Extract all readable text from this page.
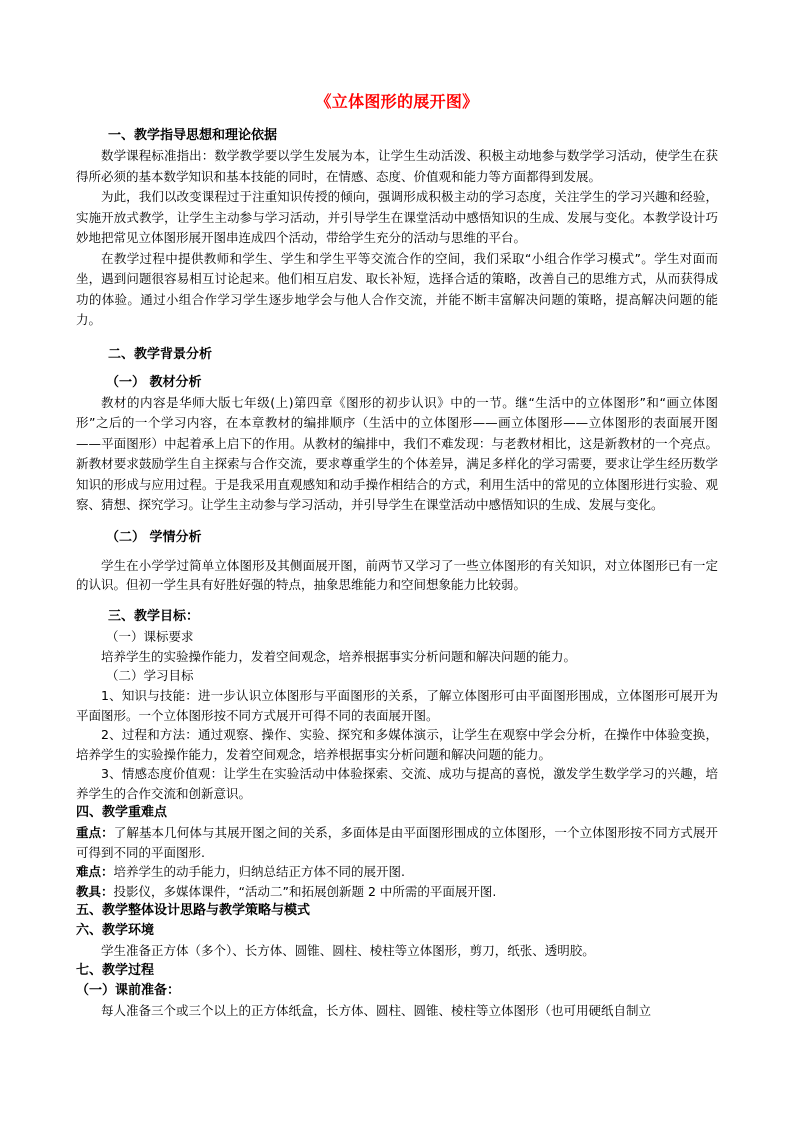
《立体图形的展开图》
一、教学指导思想和理论依据

数学课程标准指出：数学教学要以学生发展为本，让学生生动活泼、积极主动地参与数学学习活动，使学生在获得所必须的基本数学知识和基本技能的同时，在情感、态度、价值观和能力等方面都得到发展。

为此，我们以改变课程过于注重知识传授的倾向，强调形成积极主动的学习态度，关注学生的学习兴趣和经验，实施开放式教学，让学生主动参与学习活动，并引导学生在课堂活动中感悟知识的生成、发展与变化。本教学设计巧妙地把常见立体图形展开图串连成四个活动，带给学生充分的活动与思维的平台。

在教学过程中提供教师和学生、学生和学生平等交流合作的空间，我们采取“小组合作学习模式”。学生对面而坐，遇到问题很容易相互讨论起来。他们相互启发、取长补短，选择合适的策略，改善自己的思维方式，从而获得成功的体验。通过小组合作学习学生逐步地学会与他人合作交流，并能不断丰富解决问题的策略，提高解决问题的能力。

二、教学背景分析
（一） 教材分析

教材的内容是华师大版七年级(上)第四章《图形的初步认识》中的一节。继“生活中的立体图形”和“画立体图形”之后的一个学习内容，在本章教材的编排顺序（生活中的立体图形——画立体图形——立体图形的表面展开图——平面图形）中起着承上启下的作用。从教材的编排中，我们不难发现：与老教材相比，这是新教材的一个亮点。新教材要求鼓励学生自主探索与合作交流，要求尊重学生的个体差异，满足多样化的学习需要，要求让学生经历数学知识的形成与应用过程。于是我采用直观感知和动手操作相结合的方式，利用生活中的常见的立体图形进行实验、观察、猜想、探究学习。让学生主动参与学习活动，并引导学生在课堂活动中感悟知识的生成、发展与变化。

（二） 学情分析

学生在小学学过简单立体图形及其侧面展开图，前两节又学习了一些立体图形的有关知识，对立体图形已有一定的认识。但初一学生具有好胜好强的特点，抽象思维能力和空间想象能力比较弱。

三、教学目标：
（一）课标要求

培养学生的实验操作能力，发着空间观念，培养根据事实分析问题和解决问题的能力。

（二）学习目标

1、知识与技能：进一步认识立体图形与平面图形的关系，了解立体图形可由平面图形围成，立体图形可展开为平面图形。一个立体图形按不同方式展开可得不同的表面展开图。

2、过程和方法：通过观察、操作、实验、探究和多媒体演示，让学生在观察中学会分析，在操作中体验变换，培养学生的实验操作能力，发着空间观念，培养根据事实分析问题和解决问题的能力。

3、情感态度价值观：让学生在实验活动中体验探索、交流、成功与提高的喜悦，激发学生数学学习的兴趣，培养学生的合作交流和创新意识。

四、教学重难点

重点：了解基本几何体与其展开图之间的关系，多面体是由平面图形围成的立体图形，一个立体图形按不同方式展开可得到不同的平面图形.

难点：培养学生的动手能力，归纳总结正方体不同的展开图.

教具：投影仪，多媒体课件，“活动二”和拓展创新题 2 中所需的平面展开图.

五、教学整体设计思路与教学策略与模式
六、教学环境

学生准备正方体（多个）、长方体、圆锥、圆柱、棱柱等立体图形，剪刀，纸张、透明胶。

七、教学过程
（一）课前准备：

每人准备三个或三个以上的正方体纸盒，长方体、圆柱、圆锥、棱柱等立体图形（也可用硬纸自制立
